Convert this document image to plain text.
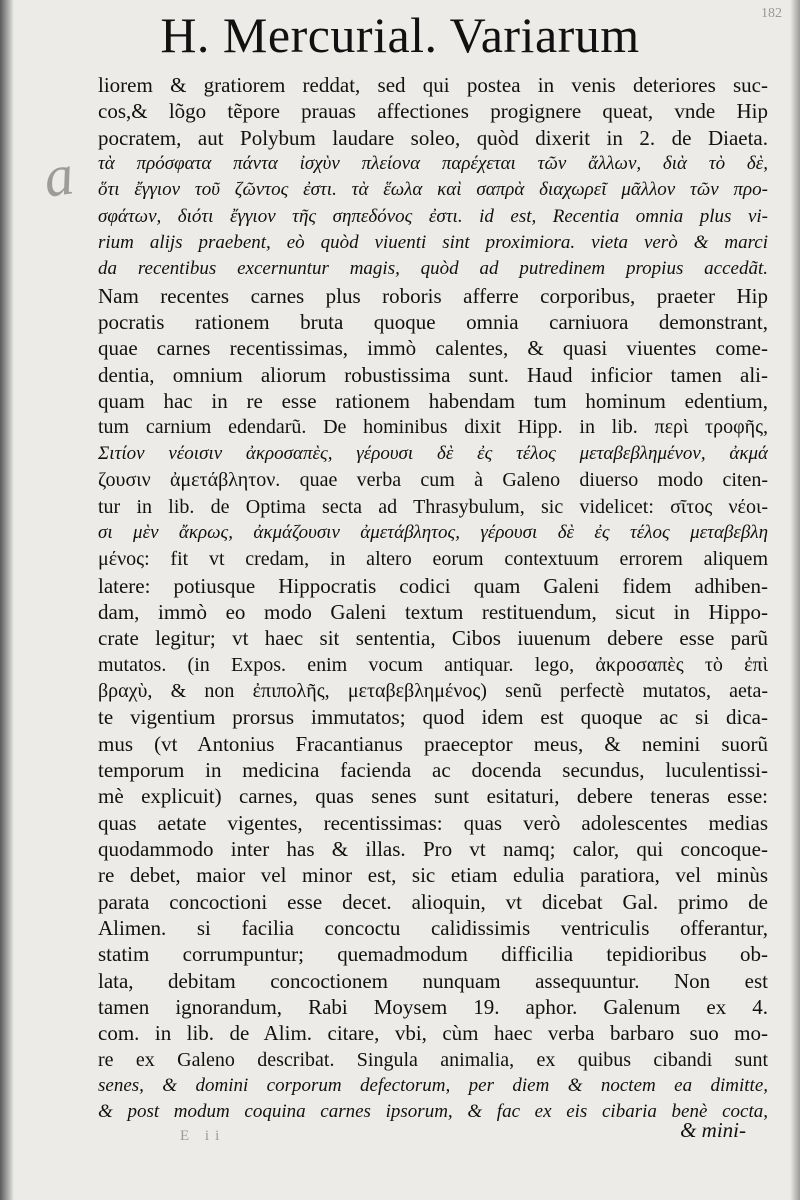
a
182
H. Mercurial. Variarum
liorem & gratiorem reddat, sed qui postea in venis deteriores suc-
cos,& lõgo tẽpore prauas affectiones progignere queat, vnde Hip
pocratem, aut Polybum laudare soleo, quòd dixerit in 2. de Diaeta.
τὰ πρόσφατα πάντα ἰσχὺν πλείονα παρέχεται τῶν ἄλλων, διὰ τὸ δὲ,
ὅτι ἔγγιον τοῦ ζῶντος ἐστι. τὰ ἕωλα καὶ σαπρὰ διαχωρεῖ μᾶλλον τῶν προ-
σφάτων, διότι ἔγγιον τῆς σηπεδόνος ἐστι. id est, Recentia omnia plus vi-
rium alijs praebent, eò quòd viuenti sint proximiora. vieta verò & marci
da recentibus excernuntur magis, quòd ad putredinem propius accedãt.
Nam recentes carnes plus roboris afferre corporibus, praeter Hip
pocratis rationem bruta quoque omnia carniuora demonstrant,
quae carnes recentissimas, immò calentes, & quasi viuentes come-
dentia, omnium aliorum robustissima sunt. Haud inficior tamen ali-
quam hac in re esse rationem habendam tum hominum edentium,
tum carnium edendarũ. De hominibus dixit Hipp. in lib. περὶ τροφῆς,
Σιτίον νέοισιν ἀκροσαπὲς, γέρουσι δὲ ἐς τέλος μεταβεβλημένον, ἀκμά
ζουσιν ἀμετάβλητον. quae verba cum à Galeno diuerso modo citen-
tur in lib. de Optima secta ad Thrasybulum, sic videlicet: σῖτος νέοι-
σι μὲν ἄκρως, ἀκμάζουσιν ἀμετάβλητος, γέρουσι δὲ ἐς τέλος μεταβεβλη
μένος: fit vt credam, in altero eorum contextuum errorem aliquem
latere: potiusque Hippocratis codici quam Galeni fidem adhiben-
dam, immò eo modo Galeni textum restituendum, sicut in Hippo-
crate legitur; vt haec sit sententia, Cibos iuuenum debere esse parũ
mutatos. (in Expos. enim vocum antiquar. lego, ἀκροσαπὲς τὸ ἐπὶ
βραχὺ, & non ἐπιπολῆς, μεταβεβλημένος) senũ perfectè mutatos, aeta-
te vigentium prorsus immutatos; quod idem est quoque ac si dica-
mus (vt Antonius Fracantianus praeceptor meus, & nemini suorũ
temporum in medicina facienda ac docenda secundus, luculentissi-
mè explicuit) carnes, quas senes sunt esitaturi, debere teneras esse:
quas aetate vigentes, recentissimas: quas verò adolescentes medias
quodammodo inter has & illas. Pro vt namq; calor, qui concoque-
re debet, maior vel minor est, sic etiam edulia paratiora, vel minùs
parata concoctioni esse decet. alioquin, vt dicebat Gal. primo de
Alimen. si facilia concoctu calidissimis ventriculis offerantur,
statim corrumpuntur; quemadmodum difficilia tepidioribus ob-
lata, debitam concoctionem nunquam assequuntur. Non est
tamen ignorandum, Rabi Moysem 19. aphor. Galenum ex 4.
com. in lib. de Alim. citare, vbi, cùm haec verba barbaro suo mo-
re ex Galeno describat. Singula animalia, ex quibus cibandi sunt
senes, & domini corporum defectorum, per diem & noctem ea dimitte,
& post modum coquina carnes ipsorum, & fac ex eis cibaria benè cocta,
E ii	& mini-
